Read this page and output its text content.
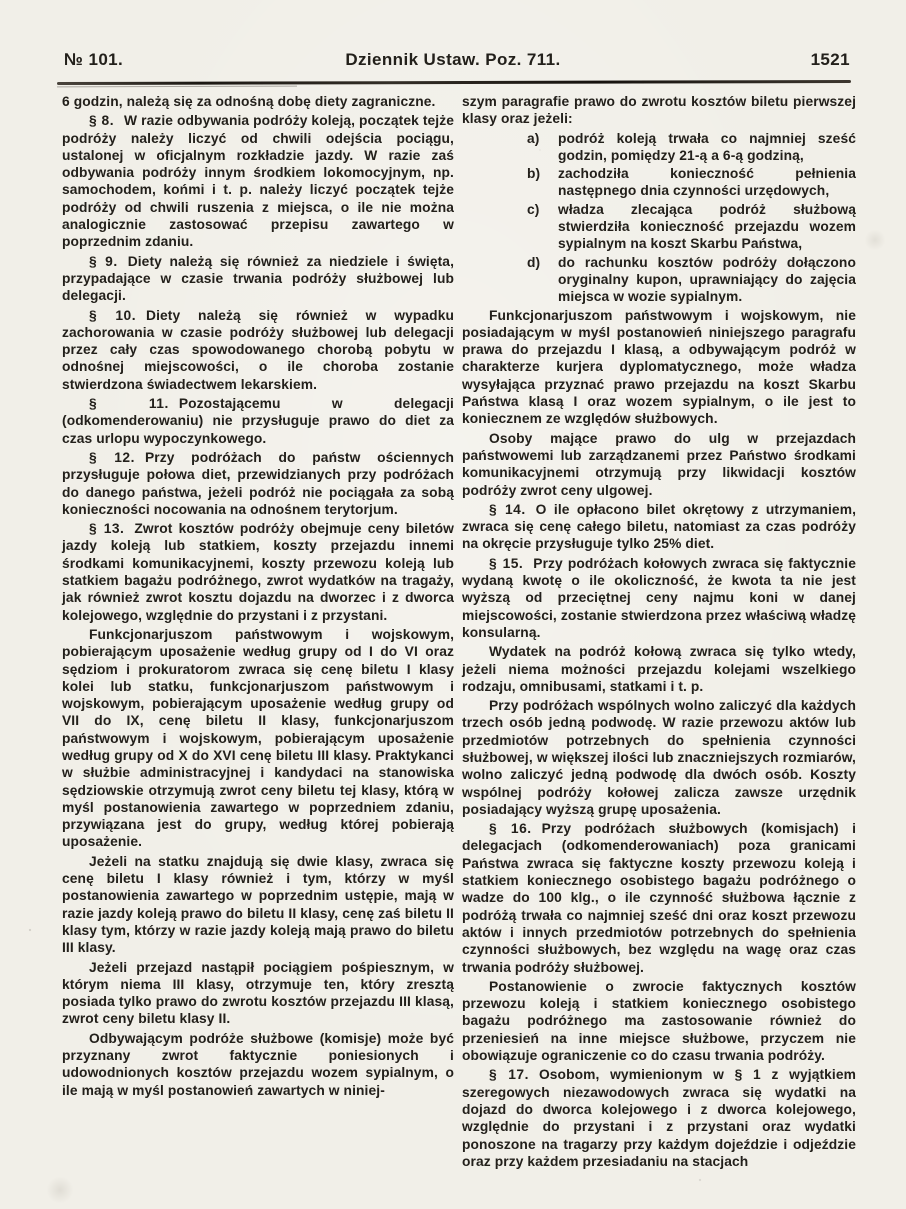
№ 101.	Dziennik Ustaw. Poz. 711.	1521

6 godzin, należą się za odnośną dobę diety zagraniczne.

§ 8. W razie odbywania podróży koleją, początek tejże podróży należy liczyć od chwili odejścia pociągu, ustalonej w oficjalnym rozkładzie jazdy. W razie zaś odbywania podróży innym środkiem lokomocyjnym, np. samochodem, końmi i t. p. należy liczyć początek tejże podróży od chwili ruszenia z miejsca, o ile nie można analogicznie zastosować przepisu zawartego w poprzednim zdaniu.

§ 9. Diety należą się również za niedziele i święta, przypadające w czasie trwania podróży służbowej lub delegacji.

§ 10. Diety należą się również w wypadku zachorowania w czasie podróży służbowej lub delegacji przez cały czas spowodowanego chorobą pobytu w odnośnej miejscowości, o ile choroba zostanie stwierdzona świadectwem lekarskiem.

§ 11. Pozostającemu w delegacji (odkomenderowaniu) nie przysługuje prawo do diet za czas urlopu wypoczynkowego.

§ 12. Przy podróżach do państw ościennych przysługuje połowa diet, przewidzianych przy podróżach do danego państwa, jeżeli podróż nie pociągała za sobą konieczności nocowania na odnośnem terytorjum.

§ 13. Zwrot kosztów podróży obejmuje ceny biletów jazdy koleją lub statkiem, koszty przejazdu innemi środkami komunikacyjnemi, koszty przewozu koleją lub statkiem bagażu podróżnego, zwrot wydatków na tragaży, jak również zwrot kosztu dojazdu na dworzec i z dworca kolejowego, względnie do przystani i z przystani.

Funkcjonarjuszom państwowym i wojskowym, pobierającym uposażenie według grupy od I do VI oraz sędziom i prokuratorom zwraca się cenę biletu I klasy kolei lub statku, funkcjonarjuszom państwowym i wojskowym, pobierającym uposażenie według grupy od VII do IX, cenę biletu II klasy, funkcjonarjuszom państwowym i wojskowym, pobierającym uposażenie według grupy od X do XVI cenę biletu III klasy. Praktykanci w służbie administracyjnej i kandydaci na stanowiska sędziowskie otrzymują zwrot ceny biletu tej klasy, którą w myśl postanowienia zawartego w poprzedniem zdaniu, przywiązana jest do grupy, według której pobierają uposażenie.

Jeżeli na statku znajdują się dwie klasy, zwraca się cenę biletu I klasy również i tym, którzy w myśl postanowienia zawartego w poprzednim ustępie, mają w razie jazdy koleją prawo do biletu II klasy, cenę zaś biletu II klasy tym, którzy w razie jazdy koleją mają prawo do biletu III klasy.

Jeżeli przejazd nastąpił pociągiem pośpiesznym, w którym niema III klasy, otrzymuje ten, który zresztą posiada tylko prawo do zwrotu kosztów przejazdu III klasą, zwrot ceny biletu klasy II.

Odbywającym podróże służbowe (komisje) może być przyznany zwrot faktycznie poniesionych i udowodnionych kosztów przejazdu wozem sypialnym, o ile mają w myśl postanowień zawartych w niniej-

szym paragrafie prawo do zwrotu kosztów biletu pierwszej klasy oraz jeżeli:

a) podróż koleją trwała co najmniej sześć godzin, pomiędzy 21-ą a 6-ą godziną,

b) zachodziła konieczność pełnienia następnego dnia czynności urzędowych,

c) władza zlecająca podróż służbową stwierdziła konieczność przejazdu wozem sypialnym na koszt Skarbu Państwa,

d) do rachunku kosztów podróży dołączono oryginalny kupon, uprawniający do zajęcia miejsca w wozie sypialnym.

Funkcjonarjuszom państwowym i wojskowym, nie posiadającym w myśl postanowień niniejszego paragrafu prawa do przejazdu I klasą, a odbywającym podróż w charakterze kurjera dyplomatycznego, może władza wysyłająca przyznać prawo przejazdu na koszt Skarbu Państwa klasą I oraz wozem sypialnym, o ile jest to koniecznem ze względów służbowych.

Osoby mające prawo do ulg w przejazdach państwowemi lub zarządzanemi przez Państwo środkami komunikacyjnemi otrzymują przy likwidacji kosztów podróży zwrot ceny ulgowej.

§ 14. O ile opłacono bilet okrętowy z utrzymaniem, zwraca się cenę całego biletu, natomiast za czas podróży na okręcie przysługuje tylko 25% diet.

§ 15. Przy podróżach kołowych zwraca się faktycznie wydaną kwotę o ile okoliczność, że kwota ta nie jest wyższą od przeciętnej ceny najmu koni w danej miejscowości, zostanie stwierdzona przez właściwą władzę konsularną.

Wydatek na podróż kołową zwraca się tylko wtedy, jeżeli niema możności przejazdu kolejami wszelkiego rodzaju, omnibusami, statkami i t. p.

Przy podróżach wspólnych wolno zaliczyć dla każdych trzech osób jedną podwodę. W razie przewozu aktów lub przedmiotów potrzebnych do spełnienia czynności służbowej, w większej ilości lub znaczniejszych rozmiarów, wolno zaliczyć jedną podwodę dla dwóch osób. Koszty wspólnej podróży kołowej zalicza zawsze urzędnik posiadający wyższą grupę uposażenia.

§ 16. Przy podróżach służbowych (komisjach) i delegacjach (odkomenderowaniach) poza granicami Państwa zwraca się faktyczne koszty przewozu koleją i statkiem koniecznego osobistego bagażu podróżnego o wadze do 100 klg., o ile czynność służbowa łącznie z podróżą trwała co najmniej sześć dni oraz koszt przewozu aktów i innych przedmiotów potrzebnych do spełnienia czynności służbowych, bez względu na wagę oraz czas trwania podróży służbowej.

Postanowienie o zwrocie faktycznych kosztów przewozu koleją i statkiem koniecznego osobistego bagażu podróżnego ma zastosowanie również do przeniesień na inne miejsce służbowe, przyczem nie obowiązuje ograniczenie co do czasu trwania podróży.

§ 17. Osobom, wymienionym w § 1 z wyjątkiem szeregowych niezawodowych zwraca się wydatki na dojazd do dworca kolejowego i z dworca kolejowego, względnie do przystani i z przystani oraz wydatki ponoszone na tragarzy przy każdym dojeździe i odjeździe oraz przy każdem przesiadaniu na stacjach
